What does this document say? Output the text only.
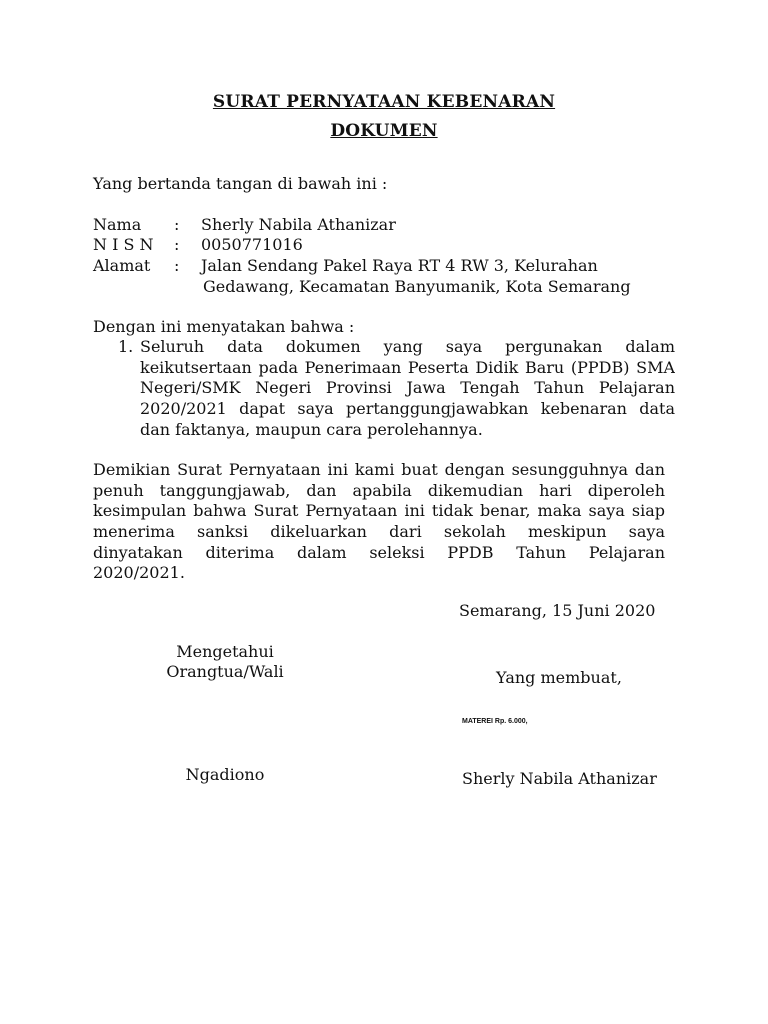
SURAT PERNYATAAN KEBENARAN
DOKUMEN
Yang bertanda tangan di bawah ini :
Nama : Sherly Nabila Athanizar
N I S N : 0050771016
Alamat : Jalan Sendang Pakel Raya RT 4 RW 3, Kelurahan
Gedawang, Kecamatan Banyumanik, Kota Semarang
Dengan ini menyatakan bahwa :
1. Seluruh data dokumen yang saya pergunakan dalam
keikutsertaan pada Penerimaan Peserta Didik Baru (PPDB) SMA
Negeri/SMK Negeri Provinsi Jawa Tengah Tahun Pelajaran
2020/2021 dapat saya pertanggungjawabkan kebenaran data
dan faktanya, maupun cara perolehannya.
Demikian Surat Pernyataan ini kami buat dengan sesungguhnya dan
penuh tanggungjawab, dan apabila dikemudian hari diperoleh
kesimpulan bahwa Surat Pernyataan ini tidak benar, maka saya siap
menerima sanksi dikeluarkan dari sekolah meskipun saya
dinyatakan diterima dalam seleksi PPDB Tahun Pelajaran
2020/2021.
Semarang, 15 Juni 2020
Mengetahui
Orangtua/Wali
Ngadiono
Yang membuat,
MATEREI Rp. 6.000,
Sherly Nabila Athanizar
